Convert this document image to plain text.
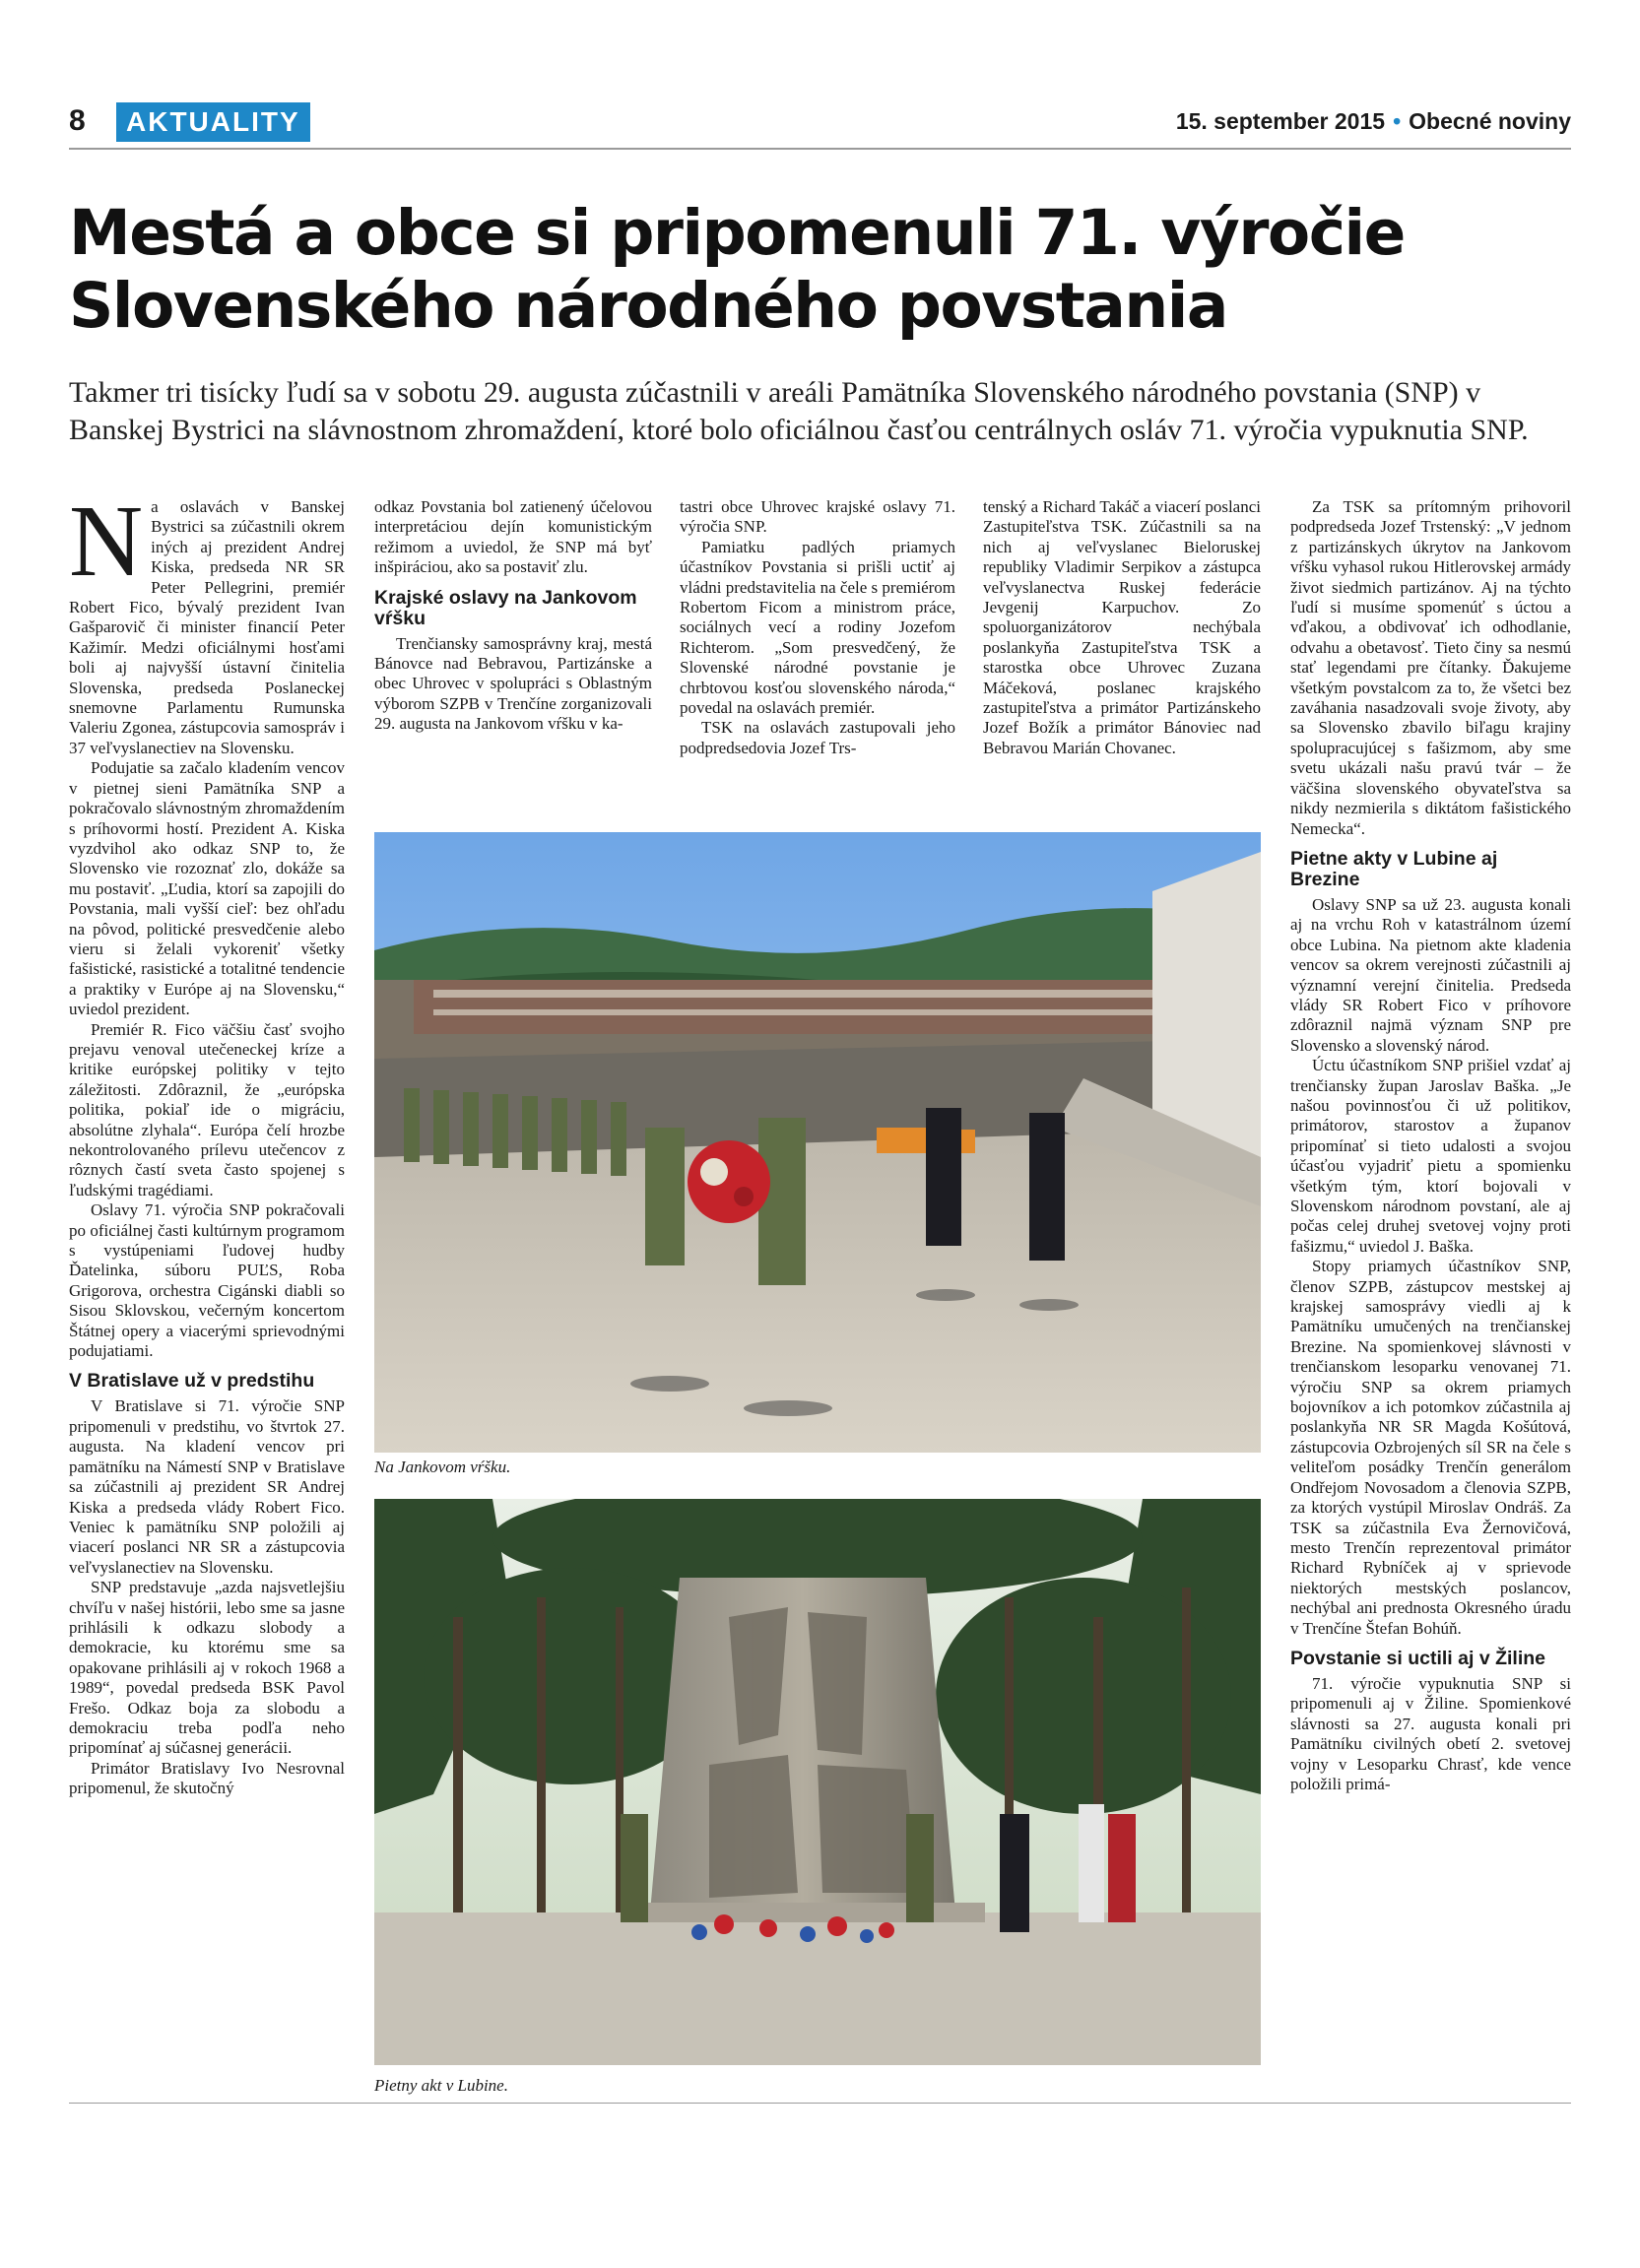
8	AKTUALITY	15. september 2015 • Obecné noviny
Mestá a obce si pripomenuli 71. výročie
Slovenského národného povstania

Takmer tri tisícky ľudí sa v sobotu 29. augusta zúčastnili v areáli Pamätníka Slovenského národného povstania (SNP) v Banskej Bystrici na slávnostnom zhromaždení, ktoré bolo oficiálnou časťou centrálnych osláv 71. výročia vypuknutia SNP.

Na oslavách v Banskej Bystrici sa zúčastnili okrem iných aj prezident Andrej Kiska, predseda NR SR Peter Pellegrini, premiér Robert Fico, bývalý prezident Ivan Gašparovič či minister financií Peter Kažimír. Medzi oficiálnymi hosťami boli aj najvyšší ústavní činitelia Slovenska, predseda Poslaneckej snemovne Parlamentu Rumunska Valeriu Zgonea, zástupcovia samospráv i 37 veľvyslanectiev na Slovensku.

Podujatie sa začalo kladením vencov v pietnej sieni Pamätníka SNP a pokračovalo slávnostným zhromaždením s príhovormi hostí. Prezident A. Kiska vyzdvihol ako odkaz SNP to, že Slovensko vie rozoznať zlo, dokáže sa mu postaviť. „Ľudia, ktorí sa zapojili do Povstania, mali vyšší cieľ: bez ohľadu na pôvod, politické presvedčenie alebo vieru si želali vykoreniť všetky fašistické, rasistické a totalitné tendencie a praktiky v Európe aj na Slovensku,“ uviedol prezident.

Premiér R. Fico väčšiu časť svojho prejavu venoval utečeneckej kríze a kritike európskej politiky v tejto záležitosti. Zdôraznil, že „európska politika, pokiaľ ide o migráciu, absolútne zlyhala“. Európa čelí hrozbe nekontrolovaného prílevu utečencov z rôznych častí sveta často spojenej s ľudskými tragédiami.

Oslavy 71. výročia SNP pokračovali po oficiálnej časti kultúrnym programom s vystúpeniami ľudovej hudby Ďatelinka, súboru PUĽS, Roba Grigorova, orchestra Cigánski diabli so Sisou Sklovskou, večerným koncertom Štátnej opery a viacerými sprievodnými podujatiami.

V Bratislave už v predstihu

V Bratislave si 71. výročie SNP pripomenuli v predstihu, vo štvrtok 27. augusta. Na kladení vencov pri pamätníku na Námestí SNP v Bratislave sa zúčastnili aj prezident SR Andrej Kiska a predseda vlády Robert Fico. Veniec k pamätníku SNP položili aj viacerí poslanci NR SR a zástupcovia veľvyslanectiev na Slovensku.

SNP predstavuje „azda najsvetlejšiu chvíľu v našej histórii, lebo sme sa jasne prihlásili k odkazu slobody a demokracie, ku ktorému sme sa opakovane prihlásili aj v rokoch 1968 a 1989“, povedal predseda BSK Pavol Frešo. Odkaz boja za slobodu a demokraciu treba podľa neho pripomínať aj súčasnej generácii.

Primátor Bratislavy Ivo Nesrovnal pripomenul, že skutočný

odkaz Povstania bol zatienený účelovou interpretáciou dejín komunistickým režimom a uviedol, že SNP má byť inšpiráciou, ako sa postaviť zlu.

Krajské oslavy na Jankovom vŕšku

Trenčiansky samosprávny kraj, mestá Bánovce nad Bebravou, Partizánske a obec Uhrovec v spolupráci s Oblastným výborom SZPB v Trenčíne zorganizovali 29. augusta na Jankovom vŕšku v ka-

tastri obce Uhrovec krajské oslavy 71. výročia SNP.

Pamiatku padlých priamych účastníkov Povstania si prišli uctiť aj vládni predstavitelia na čele s premiérom Robertom Ficom a ministrom práce, sociálnych vecí a rodiny Jozefom Richterom. „Som presvedčený, že Slovenské národné povstanie je chrbtovou kosťou slovenského národa,“ povedal na oslavách premiér.

TSK na oslavách zastupovali jeho podpredsedovia Jozef Trs-

tenský a Richard Takáč a viacerí poslanci Zastupiteľstva TSK. Zúčastnili sa na nich aj veľvyslanec Bieloruskej republiky Vladimir Serpikov a zástupca veľvyslanectva Ruskej federácie Jevgenij Karpuchov. Zo spoluorganizátorov nechýbala poslankyňa Zastupiteľstva TSK a starostka obce Uhrovec Zuzana Máčeková, poslanec krajského zastupiteľstva a primátor Partizánskeho Jozef Božík a primátor Bánoviec nad Bebravou Marián Chovanec.

Za TSK sa prítomným prihovoril podpredseda Jozef Trstenský: „V jednom z partizánskych úkrytov na Jankovom vŕšku vyhasol rukou Hitlerovskej armády život siedmich partizánov. Aj na týchto ľudí si musíme spomenúť s úctou a vďakou, a obdivovať ich odhodlanie, odvahu a obetavosť. Tieto činy sa nesmú stať legendami pre čítanky. Ďakujeme všetkým povstalcom za to, že všetci bez zaváhania nasadzovali svoje životy, aby sa Slovensko zbavilo biľagu krajiny spolupracujúcej s fašizmom, aby sme svetu ukázali našu pravú tvár – že väčšina slovenského obyvateľstva sa nikdy nezmierila s diktátom fašistického Nemecka“.

Pietne akty v Lubine aj Brezine

Oslavy SNP sa už 23. augusta konali aj na vrchu Roh v katastrálnom území obce Lubina. Na pietnom akte kladenia vencov sa okrem verejnosti zúčastnili aj významní verejní činitelia. Predseda vlády SR Robert Fico v príhovore zdôraznil najmä význam SNP pre Slovensko a slovenský národ.

Úctu účastníkom SNP prišiel vzdať aj trenčiansky župan Jaroslav Baška. „Je našou povinnosťou či už politikov, primátorov, starostov a županov pripomínať si tieto udalosti a svojou účasťou vyjadriť pietu a spomienku všetkým tým, ktorí bojovali v Slovenskom národnom povstaní, ale aj počas celej druhej svetovej vojny proti fašizmu,“ uviedol J. Baška.

Stopy priamych účastníkov SNP, členov SZPB, zástupcov mestskej aj krajskej samosprávy viedli aj k Pamätníku umučených na trenčianskej Brezine. Na spomienkovej slávnosti v trenčianskom lesoparku venovanej 71. výročiu SNP sa okrem priamych bojovníkov a ich potomkov zúčastnila aj poslankyňa NR SR Magda Košútová, zástupcovia Ozbrojených síl SR na čele s veliteľom posádky Trenčín generálom Ondřejom Novosadom a členovia SZPB, za ktorých vystúpil Miroslav Ondráš. Za TSK sa zúčastnila Eva Žernovičová, mesto Trenčín reprezentoval primátor Richard Rybníček aj v sprievode niektorých mestských poslancov, nechýbal ani prednosta Okresného úradu v Trenčíne Štefan Bohúň.

Povstanie si uctili aj v Žiline

71. výročie vypuknutia SNP si pripomenuli aj v Žiline. Spomienkové slávnosti sa 27. augusta konali pri Pamätníku civilných obetí 2. svetovej vojny v Lesoparku Chrasť, kde vence položili primá-

Na Jankovom vŕšku.
Pietny akt v Lubine.
